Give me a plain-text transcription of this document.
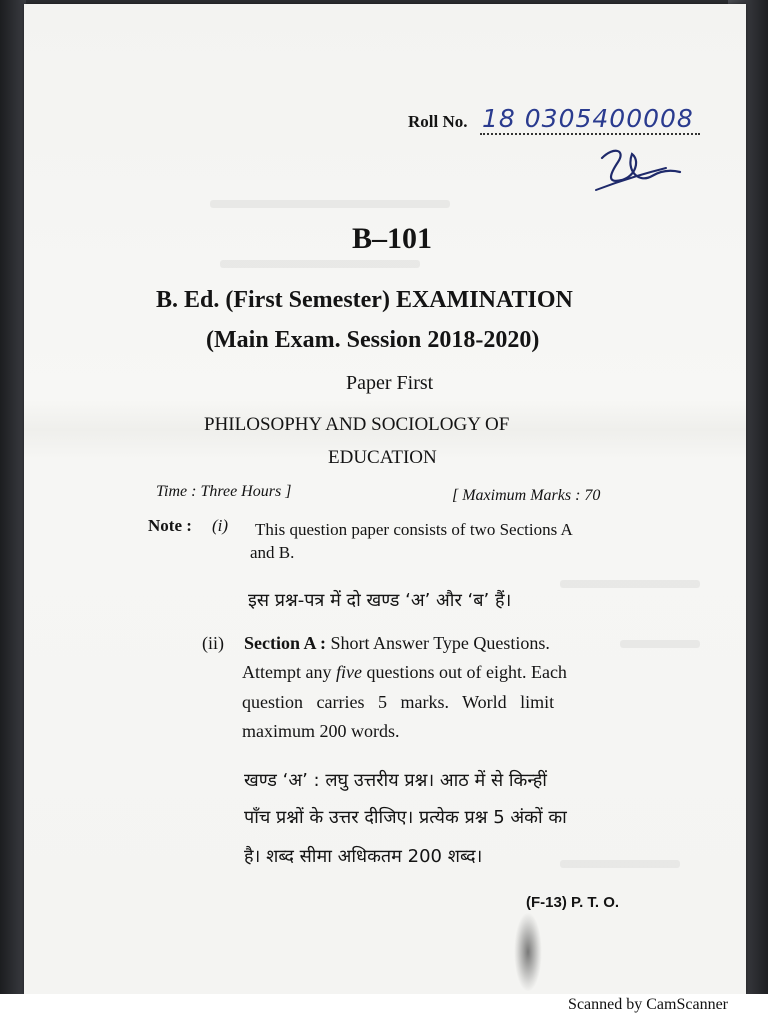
Roll No. 18 0305400008
B–101
B. Ed. (First Semester) EXAMINATION
(Main Exam. Session 2018-2020)
Paper First
PHILOSOPHY AND SOCIOLOGY OF
EDUCATION
Time : Three Hours ]	[ Maximum Marks : 70
Note : (i) This question paper consists of two Sections A
and B.
इस प्रश्न-पत्र में दो खण्ड ‘अ’ और ‘ब’ हैं।
(ii) Section A : Short Answer Type Questions.
Attempt any five questions out of eight. Each
question   carries   5   marks.   World   limit
maximum 200 words.
खण्ड ‘अ’ : लघु उत्तरीय प्रश्न। आठ में से किन्हीं
पाँच प्रश्नों के उत्तर दीजिए। प्रत्येक प्रश्न 5 अंकों का
है। शब्द सीमा अधिकतम 200 शब्द।
(F-13) P. T. O.
Scanned by CamScanner
